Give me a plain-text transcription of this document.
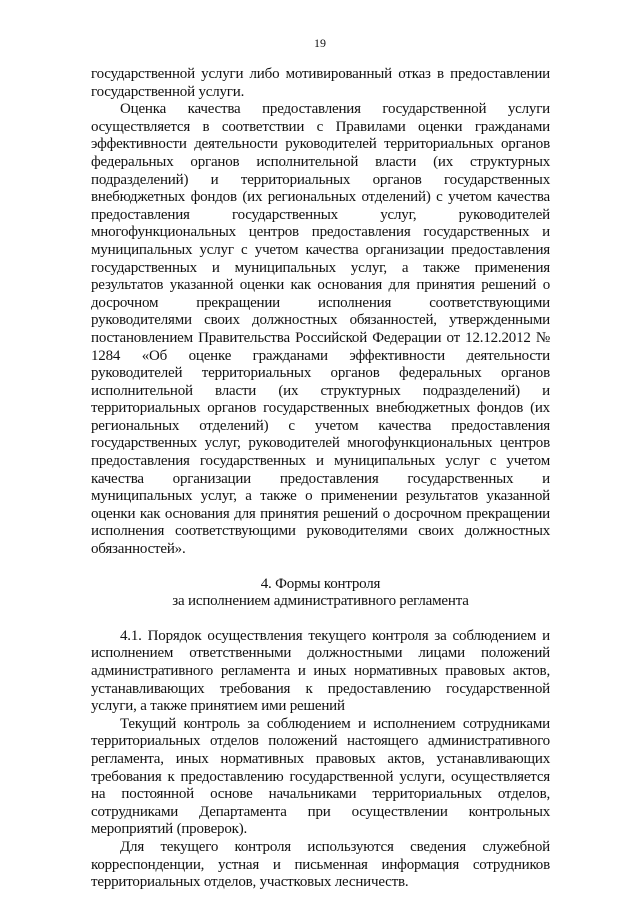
19

государственной услуги либо мотивированный отказ в предоставлении государственной услуги.

Оценка качества предоставления государственной услуги осуществляется в соответствии с Правилами оценки гражданами эффективности деятельности руководителей территориальных органов федеральных органов исполнительной власти (их структурных подразделений) и территориальных органов государственных внебюджетных фондов (их региональных отделений) с учетом качества предоставления государственных услуг, руководителей многофункциональных центров предоставления государственных и муниципальных услуг с учетом качества организации предоставления государственных и муниципальных услуг, а также применения результатов указанной оценки как основания для принятия решений о досрочном прекращении исполнения соответствующими руководителями своих должностных обязанностей, утвержденными постановлением Правительства Российской Федерации от 12.12.2012 № 1284 «Об оценке гражданами эффективности деятельности руководителей территориальных органов федеральных органов исполнительной власти (их структурных подразделений) и территориальных органов государственных внебюджетных фондов (их региональных отделений) с учетом качества предоставления государственных услуг, руководителей многофункциональных центров предоставления государственных и муниципальных услуг с учетом качества организации предоставления государственных и муниципальных услуг, а также о применении результатов указанной оценки как основания для принятия решений о досрочном прекращении исполнения соответствующими руководителями своих должностных обязанностей».

4. Формы контроля

за исполнением административного регламента

4.1. Порядок осуществления текущего контроля за соблюдением и исполнением ответственными должностными лицами положений административного регламента и иных нормативных правовых актов, устанавливающих требования к предоставлению государственной услуги, а также принятием ими решений

Текущий контроль за соблюдением и исполнением сотрудниками территориальных отделов положений настоящего административного регламента, иных нормативных правовых актов, устанавливающих требования к предоставлению государственной услуги, осуществляется на постоянной основе начальниками территориальных отделов, сотрудниками Департамента при осуществлении контрольных мероприятий (проверок).

Для текущего контроля используются сведения служебной корреспонденции, устная и письменная информация сотрудников территориальных отделов, участковых лесничеств.
